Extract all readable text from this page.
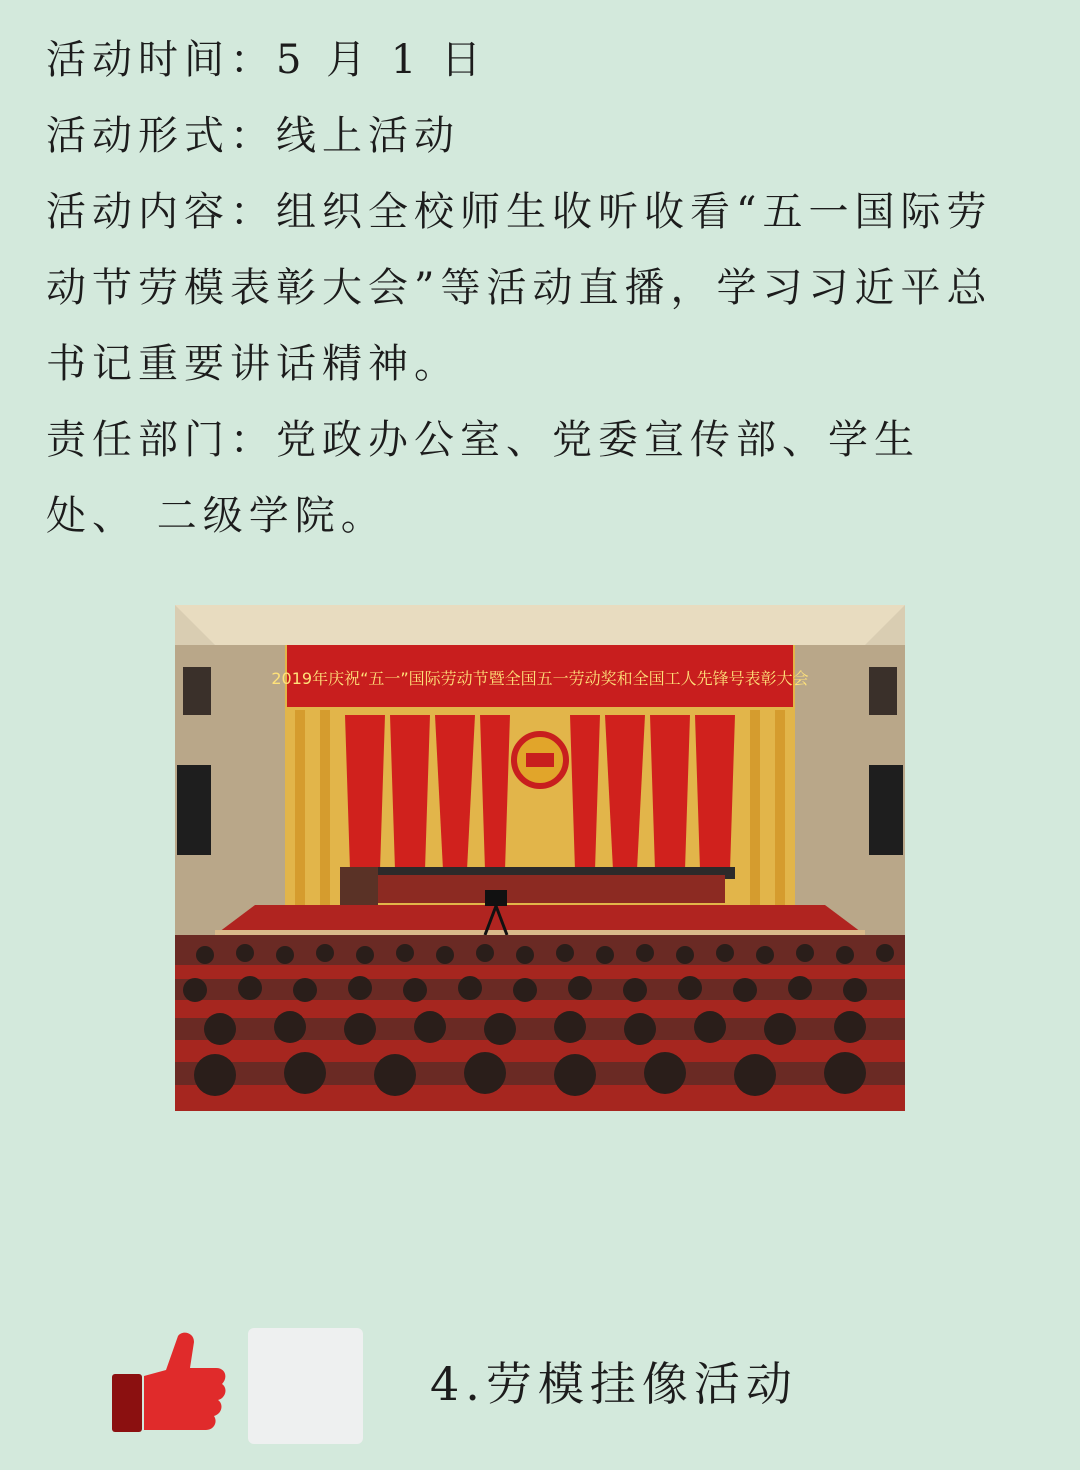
活动时间：5 月 1 日

活动形式：线上活动

活动内容：组织全校师生收听收看“五一国际劳动节劳模表彰大会”等活动直播，学习习近平总书记重要讲话精神。

责任部门：党政办公室、党委宣传部、学生

处、 二级学院。

2019年庆祝“五一”国际劳动节暨全国五一劳动奖和全国工人先锋号表彰大会
4.劳模挂像活动
